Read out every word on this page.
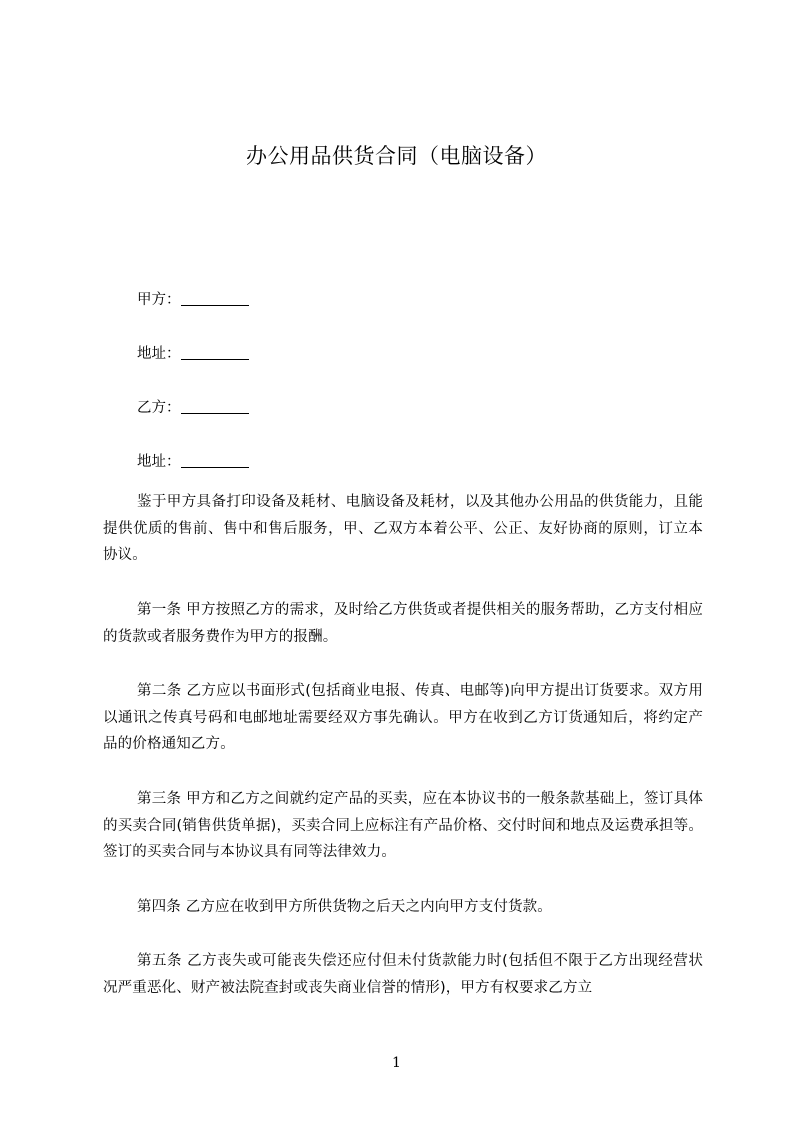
办公用品供货合同（电脑设备）
甲方：
地址：
乙方：
地址：

鉴于甲方具备打印设备及耗材、电脑设备及耗材，以及其他办公用品的供货能力，且能提供优质的售前、售中和售后服务，甲、乙双方本着公平、公正、友好协商的原则，订立本协议。

第一条 甲方按照乙方的需求，及时给乙方供货或者提供相关的服务帮助，乙方支付相应的货款或者服务费作为甲方的报酬。

第二条 乙方应以书面形式(包括商业电报、传真、电邮等)向甲方提出订货要求。双方用以通讯之传真号码和电邮地址需要经双方事先确认。甲方在收到乙方订货通知后，将约定产品的价格通知乙方。

第三条 甲方和乙方之间就约定产品的买卖，应在本协议书的一般条款基础上，签订具体的买卖合同(销售供货单据)，买卖合同上应标注有产品价格、交付时间和地点及运费承担等。签订的买卖合同与本协议具有同等法律效力。

第四条 乙方应在收到甲方所供货物之后天之内向甲方支付货款。

第五条 乙方丧失或可能丧失偿还应付但未付货款能力时(包括但不限于乙方出现经营状况严重恶化、财产被法院查封或丧失商业信誉的情形)，甲方有权要求乙方立

1
